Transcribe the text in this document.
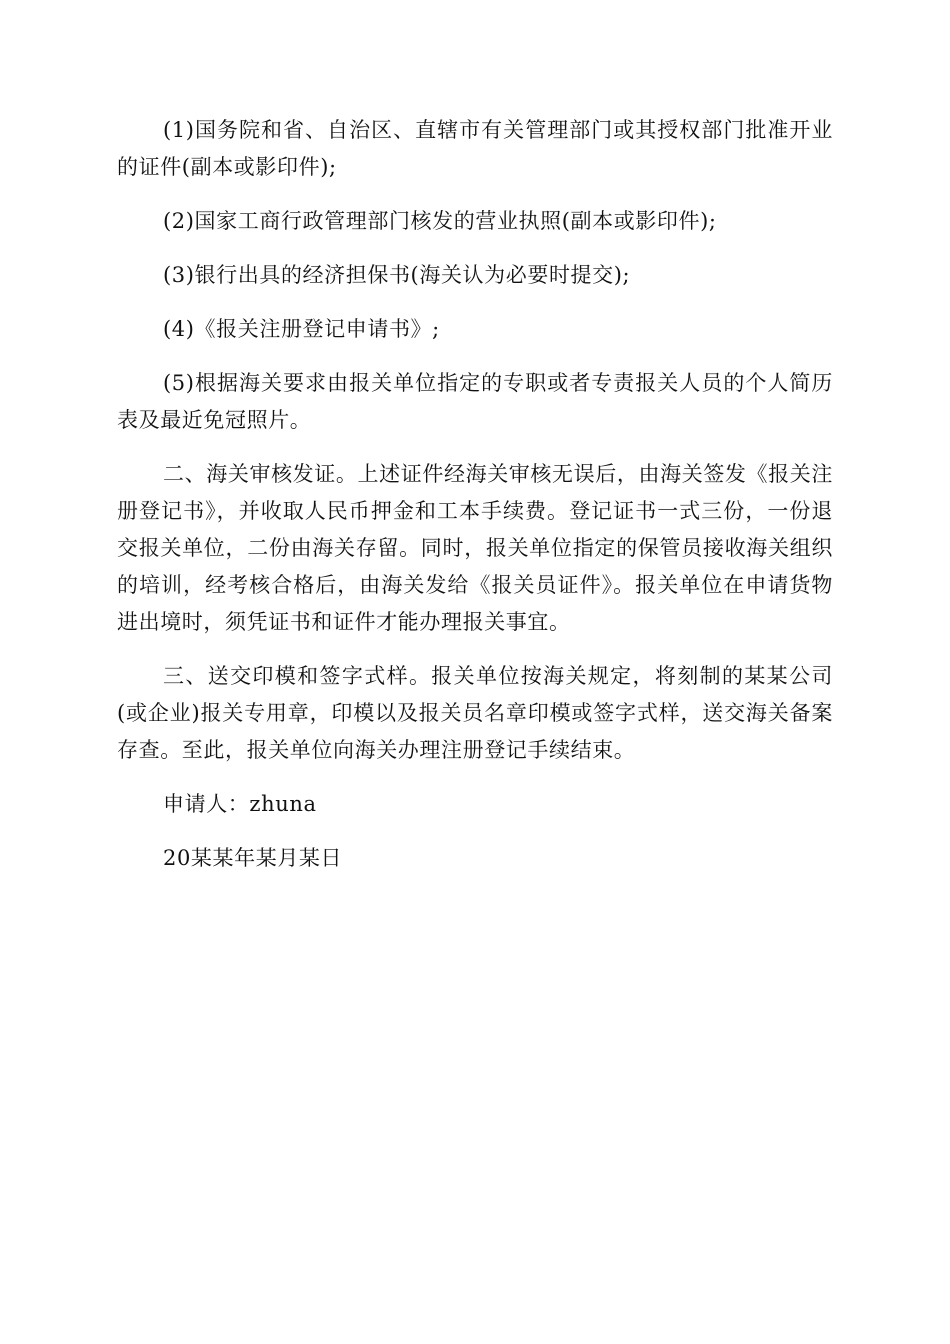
(1)国务院和省、自治区、直辖市有关管理部门或其授权部门批准开业的证件(副本或影印件);

(2)国家工商行政管理部门核发的营业执照(副本或影印件);

(3)银行出具的经济担保书(海关认为必要时提交);

(4)《报关注册登记申请书》;

(5)根据海关要求由报关单位指定的专职或者专责报关人员的个人简历表及最近免冠照片。

二、海关审核发证。上述证件经海关审核无误后，由海关签发《报关注册登记书》，并收取人民币押金和工本手续费。登记证书一式三份，一份退交报关单位，二份由海关存留。同时，报关单位指定的保管员接收海关组织的培训，经考核合格后，由海关发给《报关员证件》。报关单位在申请货物进出境时，须凭证书和证件才能办理报关事宜。

三、送交印模和签字式样。报关单位按海关规定，将刻制的某某公司(或企业)报关专用章，印模以及报关员名章印模或签字式样，送交海关备案存查。至此，报关单位向海关办理注册登记手续结束。

申请人：zhuna

20某某年某月某日
